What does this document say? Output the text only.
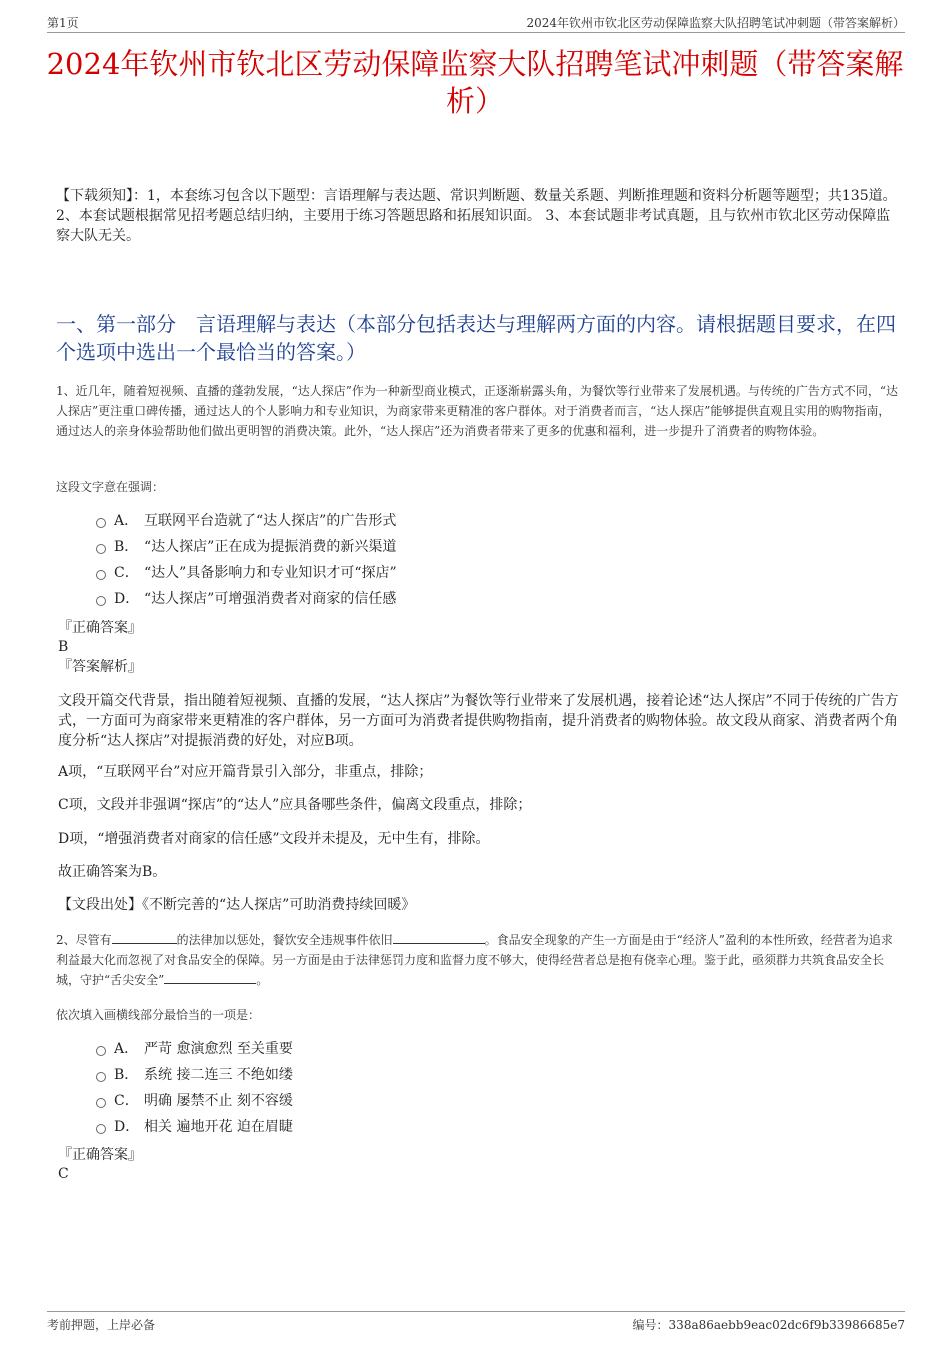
第1页	2024年钦州市钦北区劳动保障监察大队招聘笔试冲刺题（带答案解析）
2024年钦州市钦北区劳动保障监察大队招聘笔试冲刺题（带答案解析）
【下载须知】：1，本套练习包含以下题型：言语理解与表达题、常识判断题、数量关系题、判断推理题和资料分析题等题型；共135道。 2、本套试题根据常见招考题总结归纳，主要用于练习答题思路和拓展知识面。 3、本套试题非考试真题，且与钦州市钦北区劳动保障监察大队无关。
一、第一部分　言语理解与表达（本部分包括表达与理解两方面的内容。请根据题目要求，在四个选项中选出一个最恰当的答案。）
1、近几年，随着短视频、直播的蓬勃发展，“达人探店”作为一种新型商业模式，正逐渐崭露头角，为餐饮等行业带来了发展机遇。与传统的广告方式不同，“达人探店”更注重口碑传播，通过达人的个人影响力和专业知识，为商家带来更精准的客户群体。对于消费者而言，“达人探店”能够提供直观且实用的购物指南，通过达人的亲身体验帮助他们做出更明智的消费决策。此外，“达人探店”还为消费者带来了更多的优惠和福利，进一步提升了消费者的购物体验。
这段文字意在强调：
A． 互联网平台造就了“达人探店”的广告形式
B． “达人探店”正在成为提振消费的新兴渠道
C． “达人”具备影响力和专业知识才可“探店”
D． “达人探店”可增强消费者对商家的信任感
『正确答案』
B
『答案解析』
文段开篇交代背景，指出随着短视频、直播的发展，“达人探店”为餐饮等行业带来了发展机遇，接着论述“达人探店”不同于传统的广告方式，一方面可为商家带来更精准的客户群体，另一方面可为消费者提供购物指南，提升消费者的购物体验。故文段从商家、消费者两个角度分析“达人探店”对提振消费的好处，对应B项。
A项，“互联网平台”对应开篇背景引入部分，非重点，排除；
C项，文段并非强调“探店”的“达人”应具备哪些条件，偏离文段重点，排除；
D项，“增强消费者对商家的信任感”文段并未提及，无中生有，排除。
故正确答案为B。
【文段出处】《不断完善的“达人探店”可助消费持续回暖》
2、尽管有	的法律加以惩处，餐饮安全违规事件依旧	。食品安全现象的产生一方面是由于“经济人”盈利的本性所致，经营者为追求利益最大化而忽视了对食品安全的保障。另一方面是由于法律惩罚力度和监督力度不够大，使得经营者总是抱有侥幸心理。鉴于此，亟须群力共筑食品安全长城，守护“舌尖安全”	。
依次填入画横线部分最恰当的一项是：
A． 严苛 愈演愈烈 至关重要
B． 系统 接二连三 不绝如缕
C． 明确 屡禁不止 刻不容缓
D． 相关 遍地开花 迫在眉睫
『正确答案』
C
考前押题，上岸必备	编号：338a86aebb9eac02dc6f9b33986685e7
